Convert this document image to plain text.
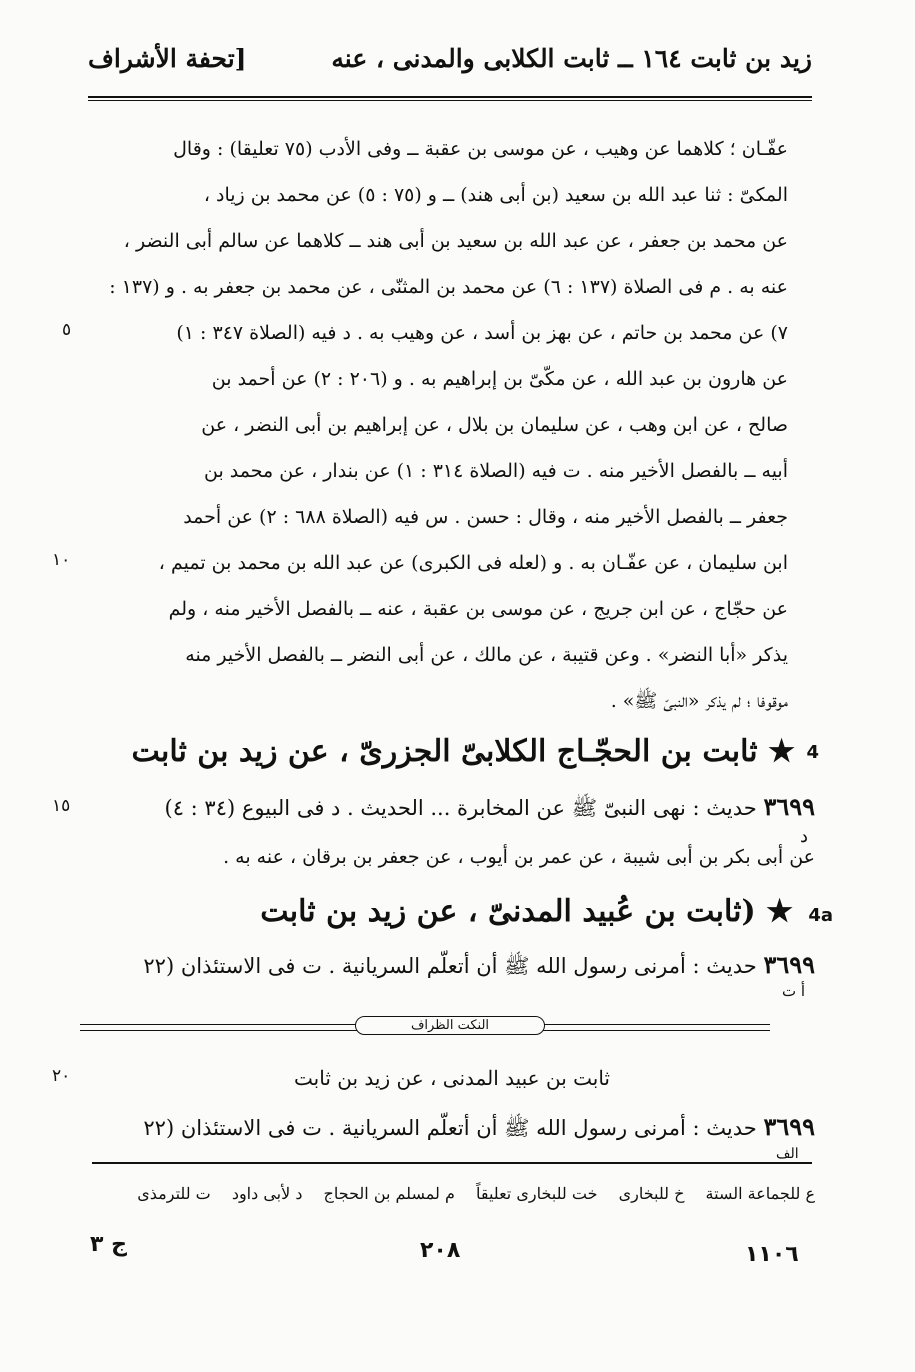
زيد بن ثابت ١٦٤ ــ ثابت الكلابى والمدنى ، عنه
[تحفة الأشراف
عفّـان ؛ كلاهما عن وهيب ، عن موسى بن عقبة ــ وفى الأدب (٧٥ تعليقا) : وقال
المكىّ : ثنا عبد الله بن سعيد (بن أبى هند) ــ و (٧٥ : ٥) عن محمد بن زياد ،
عن محمد بن جعفر ، عن عبد الله بن سعيد بن أبى هند ــ كلاهما عن سالم أبى النضر ،
عنه به . م فى الصلاة (١٣٧ : ٦) عن محمد بن المثنّى ، عن محمد بن جعفر به . و (١٣٧ :
٧) عن محمد بن حاتم ، عن بهز بن أسد ، عن وهيب به . د فيه (الصلاة ٣٤٧ : ١)
عن هارون بن عبد الله ، عن مكّىّ بن إبراهيم به . و (٢٠٦ : ٢) عن أحمد بن
صالح ، عن ابن وهب ، عن سليمان بن بلال ، عن إبراهيم بن أبى النضر ، عن
أبيه ــ بالفصل الأخير منه . ت فيه (الصلاة ٣١٤ : ١) عن بندار ، عن محمد بن
جعفر ــ بالفصل الأخير منه ، وقال : حسن . س فيه (الصلاة ٦٨٨ : ٢) عن أحمد
ابن سليمان ، عن عفّـان به . و (لعله فى الكبرى) عن عبد الله بن محمد بن تميم ،
عن حجّاج ، عن ابن جريج ، عن موسى بن عقبة ، عنه ــ بالفصل الأخير منه ، ولم
يذكر «أبا النضر» . وعن قتيبة ، عن مالك ، عن أبى النضر ــ بالفصل الأخير منه
موقوفا ؛ لم يذكر «النبىّ ﷺ» .
٥
١٠
١٥
٢٠
4
★ ثابت بن الحجّـاج الكلابىّ الجزرىّ ، عن زيد بن ثابت
٣٦٩٩ حديث : نهى النبىّ ﷺ عن المخابرة ... الحديث . د فى البيوع (٣٤ : ٤)
د
عن أبى بكر بن أبى شيبة ، عن عمر بن أيوب ، عن جعفر بن برقان ، عنه به .
4a
★ (ثابت بن عُبيد المدنىّ ، عن زيد بن ثابت
٣٦٩٩ حديث : أمرنى رسول الله ﷺ أن أتعلّم السريانية . ت فى الاستئذان (٢٢
أ ت
النكت الظراف
ثابت بن عبيد المدنى ، عن زيد بن ثابت
٣٦٩٩ حديث : أمرنى رسول الله ﷺ أن أتعلّم السريانية . ت فى الاستئذان (٢٢
الف
ع للجماعة الستة خ للبخارى خت للبخارى تعليقاً م لمسلم بن الحجاج د لأبى داود ت للترمذى
ج ٣	٢٠٨	١١٠٦
